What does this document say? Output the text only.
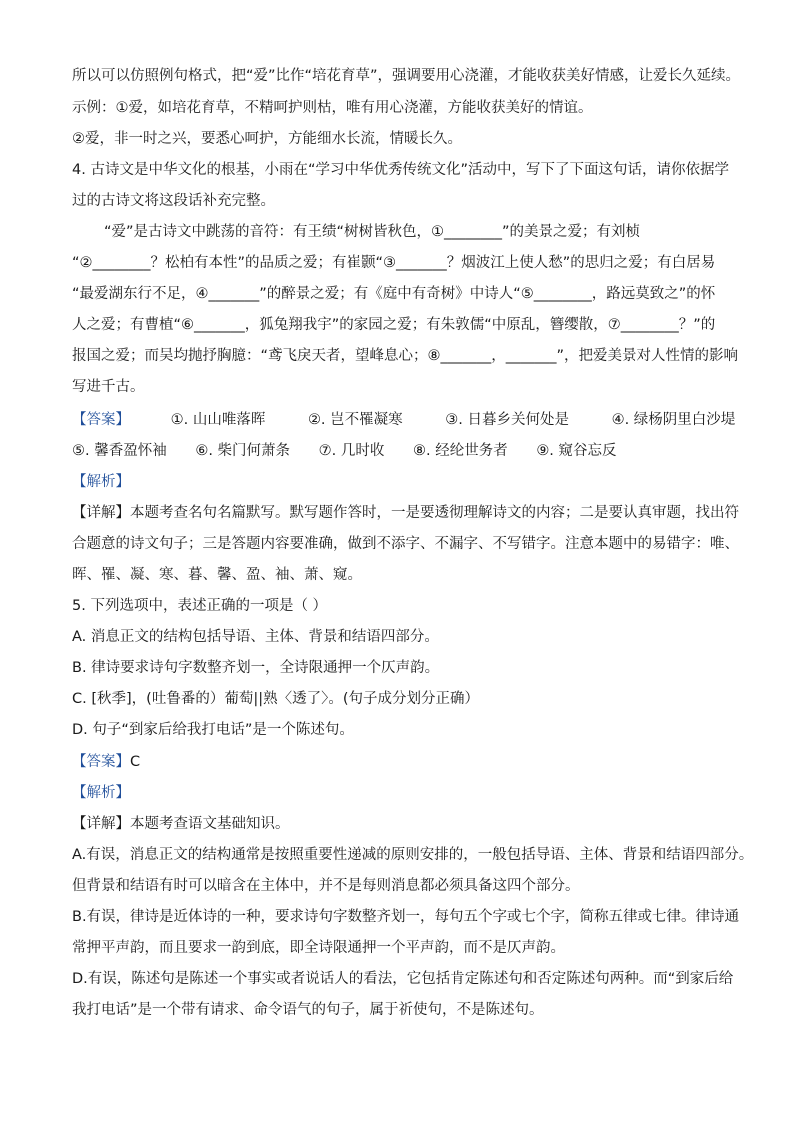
所以可以仿照例句格式，把“爱”比作“培花育草”，强调要用心浇灌，才能收获美好情感，让爱长久延续。
示例：①爱，如培花育草，不精呵护则枯，唯有用心浇灌，方能收获美好的情谊。
②爱，非一时之兴，要悉心呵护，方能细水长流，情暖长久。
4. 古诗文是中华文化的根基，小雨在“学习中华优秀传统文化”活动中，写下了下面这句话，请你依据学
过的古诗文将这段话补充完整。
“爱”是古诗文中跳荡的音符：有王绩“树树皆秋色，①________”的美景之爱；有刘桢
“②________？松柏有本性”的品质之爱；有崔颢“③_______？烟波江上使人愁”的思归之爱；有白居易
“最爱湖东行不足，④_______”的醉景之爱；有《庭中有奇树》中诗人“⑤________，路远莫致之”的怀
人之爱；有曹植“⑥_______，狐兔翔我宇”的家园之爱；有朱敦儒“中原乱，簪缨散，⑦________？”的
报国之爱；而吴均抛抒胸臆：“鸢飞戾天者，望峰息心；⑧_______，_______”，把爱美景对人性情的影响
写进千古。
【答案】	①. 山山唯落晖	②. 岂不罹凝寒	③. 日暮乡关何处是	④. 绿杨阴里白沙堤
⑤. 馨香盈怀袖 ⑥. 柴门何萧条 ⑦. 几时收 ⑧. 经纶世务者 ⑨. 窥谷忘反
【解析】
【详解】本题考查名句名篇默写。默写题作答时，一是要透彻理解诗文的内容；二是要认真审题，找出符
合题意的诗文句子；三是答题内容要准确，做到不添字、不漏字、不写错字。注意本题中的易错字：唯、
晖、罹、凝、寒、暮、馨、盈、袖、萧、窥。
5. 下列选项中，表述正确的一项是（ ）
A. 消息正文的结构包括导语、主体、背景和结语四部分。
B. 律诗要求诗句字数整齐划一，全诗限通押一个仄声韵。
C. [秋季]，(吐鲁番的）葡萄||熟〈透了〉。(句子成分划分正确）
D. 句子“到家后给我打电话”是一个陈述句。
【答案】C
【解析】
【详解】本题考查语文基础知识。
A.有误，消息正文的结构通常是按照重要性递减的原则安排的，一般包括导语、主体、背景和结语四部分。
但背景和结语有时可以暗含在主体中，并不是每则消息都必须具备这四个部分。
B.有误，律诗是近体诗的一种，要求诗句字数整齐划一，每句五个字或七个字，简称五律或七律。律诗通
常押平声韵，而且要求一韵到底，即全诗限通押一个平声韵，而不是仄声韵。
D.有误，陈述句是陈述一个事实或者说话人的看法，它包括肯定陈述句和否定陈述句两种。而“到家后给
我打电话”是一个带有请求、命令语气的句子，属于祈使句，不是陈述句。
